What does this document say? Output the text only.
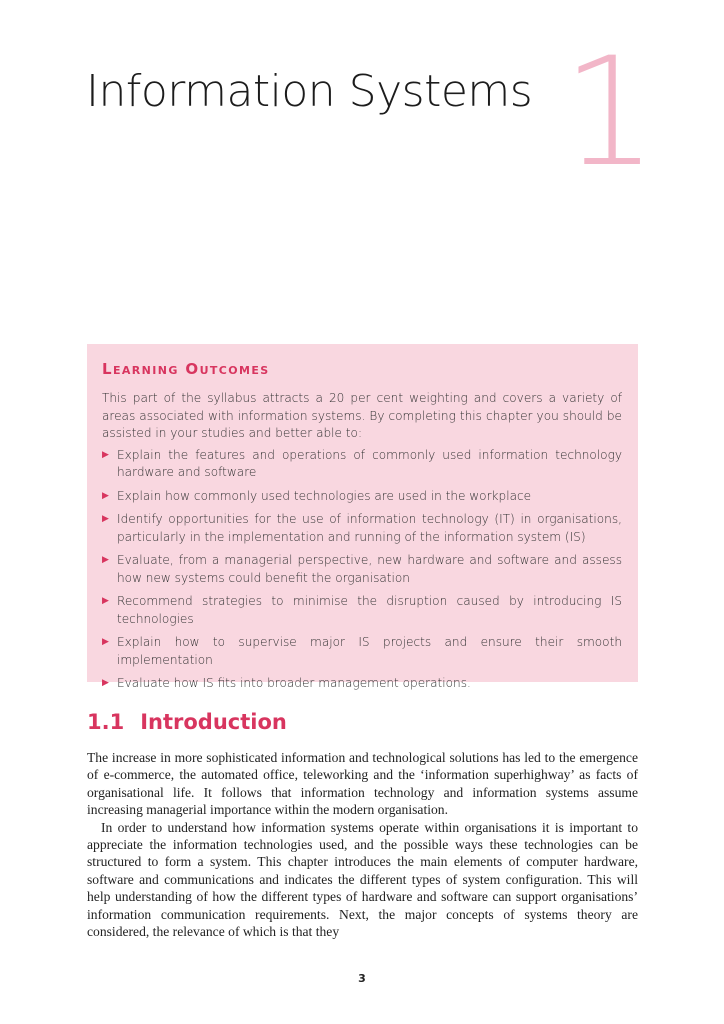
Information Systems 1
Learning Outcomes

This part of the syllabus attracts a 20 per cent weighting and covers a variety of areas associated with information systems. By completing this chapter you should be assisted in your studies and better able to:

▶ Explain the features and operations of commonly used information technology hardware and software
▶ Explain how commonly used technologies are used in the workplace
▶ Identify opportunities for the use of information technology (IT) in organisations, particularly in the implementation and running of the information system (IS)
▶ Evaluate, from a managerial perspective, new hardware and software and assess how new systems could benefit the organisation
▶ Recommend strategies to minimise the disruption caused by introducing IS technologies
▶ Explain how to supervise major IS projects and ensure their smooth implementation
▶ Evaluate how IS fits into broader management operations.
1.1 Introduction

The increase in more sophisticated information and technological solutions has led to the emergence of e-commerce, the automated office, teleworking and the ‘information superhighway’ as facts of organisational life. It follows that information technology and information systems assume increasing managerial importance within the modern organisation.

In order to understand how information systems operate within organisations it is important to appreciate the information technologies used, and the possible ways these technologies can be structured to form a system. This chapter introduces the main elements of computer hardware, software and communications and indicates the different types of system configuration. This will help understanding of how the different types of hardware and software can support organisations’ information communication requirements. Next, the major concepts of systems theory are considered, the relevance of which is that they

3
